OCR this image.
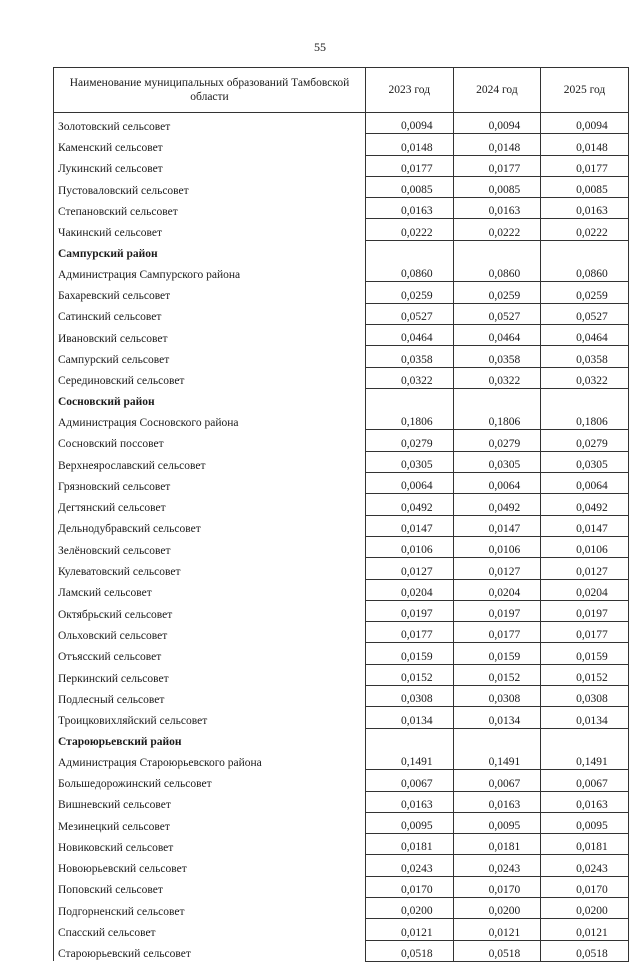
55
Наименование муниципальных образований Тамбовской области	2023 год	2024 год	2025 год
Золотовский сельсовет	0,0094	0,0094	0,0094
Каменский сельсовет	0,0148	0,0148	0,0148
Лукинский сельсовет	0,0177	0,0177	0,0177
Пустоваловский сельсовет	0,0085	0,0085	0,0085
Степановский сельсовет	0,0163	0,0163	0,0163
Чакинский сельсовет	0,0222	0,0222	0,0222
Сампурский район			
Администрация Сампурского района	0,0860	0,0860	0,0860
Бахаревский сельсовет	0,0259	0,0259	0,0259
Сатинский сельсовет	0,0527	0,0527	0,0527
Ивановский сельсовет	0,0464	0,0464	0,0464
Сампурский сельсовет	0,0358	0,0358	0,0358
Серединовский сельсовет	0,0322	0,0322	0,0322
Сосновский район			
Администрация Сосновского района	0,1806	0,1806	0,1806
Сосновский поссовет	0,0279	0,0279	0,0279
Верхнеярославский сельсовет	0,0305	0,0305	0,0305
Грязновский сельсовет	0,0064	0,0064	0,0064
Дегтянский сельсовет	0,0492	0,0492	0,0492
Дельнодубравский сельсовет	0,0147	0,0147	0,0147
Зелёновский сельсовет	0,0106	0,0106	0,0106
Кулеватовский сельсовет	0,0127	0,0127	0,0127
Ламский сельсовет	0,0204	0,0204	0,0204
Октябрьский сельсовет	0,0197	0,0197	0,0197
Ольховский сельсовет	0,0177	0,0177	0,0177
Отъясский сельсовет	0,0159	0,0159	0,0159
Перкинский сельсовет	0,0152	0,0152	0,0152
Подлесный сельсовет	0,0308	0,0308	0,0308
Троицковихляйский сельсовет	0,0134	0,0134	0,0134
Староюрьевский район			
Администрация Староюрьевского района	0,1491	0,1491	0,1491
Большедорожинский сельсовет	0,0067	0,0067	0,0067
Вишневский сельсовет	0,0163	0,0163	0,0163
Мезинецкий сельсовет	0,0095	0,0095	0,0095
Новиковский сельсовет	0,0181	0,0181	0,0181
Новоюрьевский сельсовет	0,0243	0,0243	0,0243
Поповский сельсовет	0,0170	0,0170	0,0170
Подгорненский сельсовет	0,0200	0,0200	0,0200
Спасский сельсовет	0,0121	0,0121	0,0121
Староюрьевский сельсовет	0,0518	0,0518	0,0518
